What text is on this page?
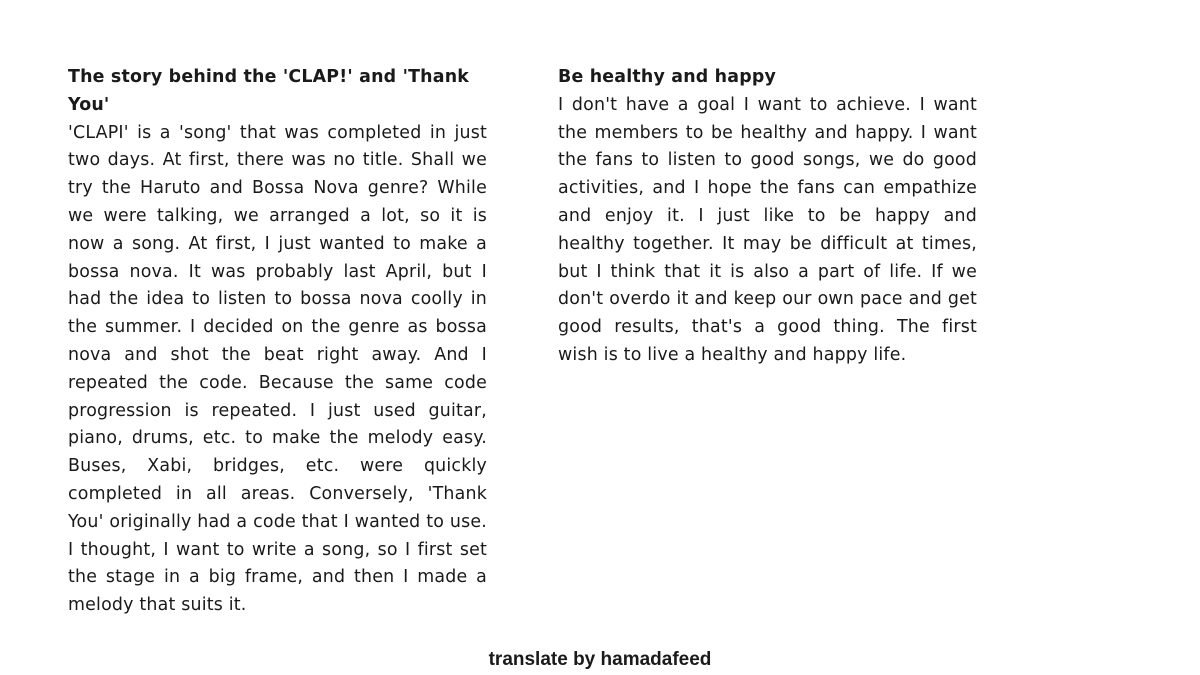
The story behind the 'CLAP!' and 'Thank You'

'CLAPI' is a 'song' that was completed in just two days. At first, there was no title. Shall we try the Haruto and Bossa Nova genre? While we were talking, we arranged a lot, so it is now a song. At first, I just wanted to make a bossa nova. It was probably last April, but I had the idea to listen to bossa nova coolly in the summer. I decided on the genre as bossa nova and shot the beat right away. And I repeated the code. Because the same code progression is repeated. I just used guitar, piano, drums, etc. to make the melody easy. Buses, Xabi, bridges, etc. were quickly completed in all areas. Conversely, 'Thank You' originally had a code that I wanted to use. I thought, I want to write a song, so I first set the stage in a big frame, and then I made a melody that suits it.

Be healthy and happy

I don't have a goal I want to achieve. I want the members to be healthy and happy. I want the fans to listen to good songs, we do good activities, and I hope the fans can empathize and enjoy it. I just like to be happy and healthy together. It may be difficult at times, but I think that it is also a part of life. If we don't overdo it and keep our own pace and get good results, that's a good thing. The first wish is to live a healthy and happy life.

translate by hamadafeed
